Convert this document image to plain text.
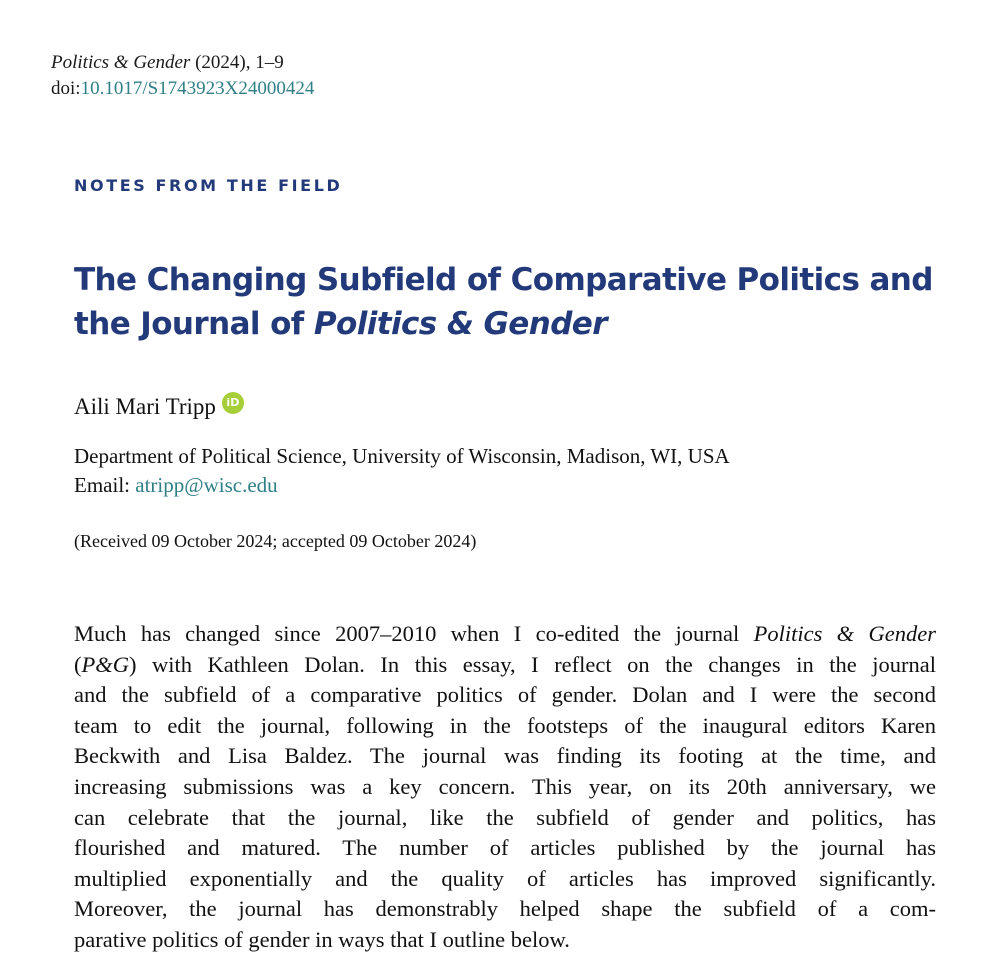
Politics & Gender (2024), 1–9
doi:10.1017/S1743923X24000424
NOTES FROM THE FIELD
The Changing Subfield of Comparative Politics and
the Journal of Politics & Gender
Aili Mari Tripp iD
Department of Political Science, University of Wisconsin, Madison, WI, USA
Email: atripp@wisc.edu
(Received 09 October 2024; accepted 09 October 2024)
Much has changed since 2007–2010 when I co-edited the journal Politics & Gender
(P&G) with Kathleen Dolan. In this essay, I reflect on the changes in the journal
and the subfield of a comparative politics of gender. Dolan and I were the second
team to edit the journal, following in the footsteps of the inaugural editors Karen
Beckwith and Lisa Baldez. The journal was finding its footing at the time, and
increasing submissions was a key concern. This year, on its 20th anniversary, we
can celebrate that the journal, like the subfield of gender and politics, has
flourished and matured. The number of articles published by the journal has
multiplied exponentially and the quality of articles has improved significantly.
Moreover, the journal has demonstrably helped shape the subfield of a com-
parative politics of gender in ways that I outline below.
